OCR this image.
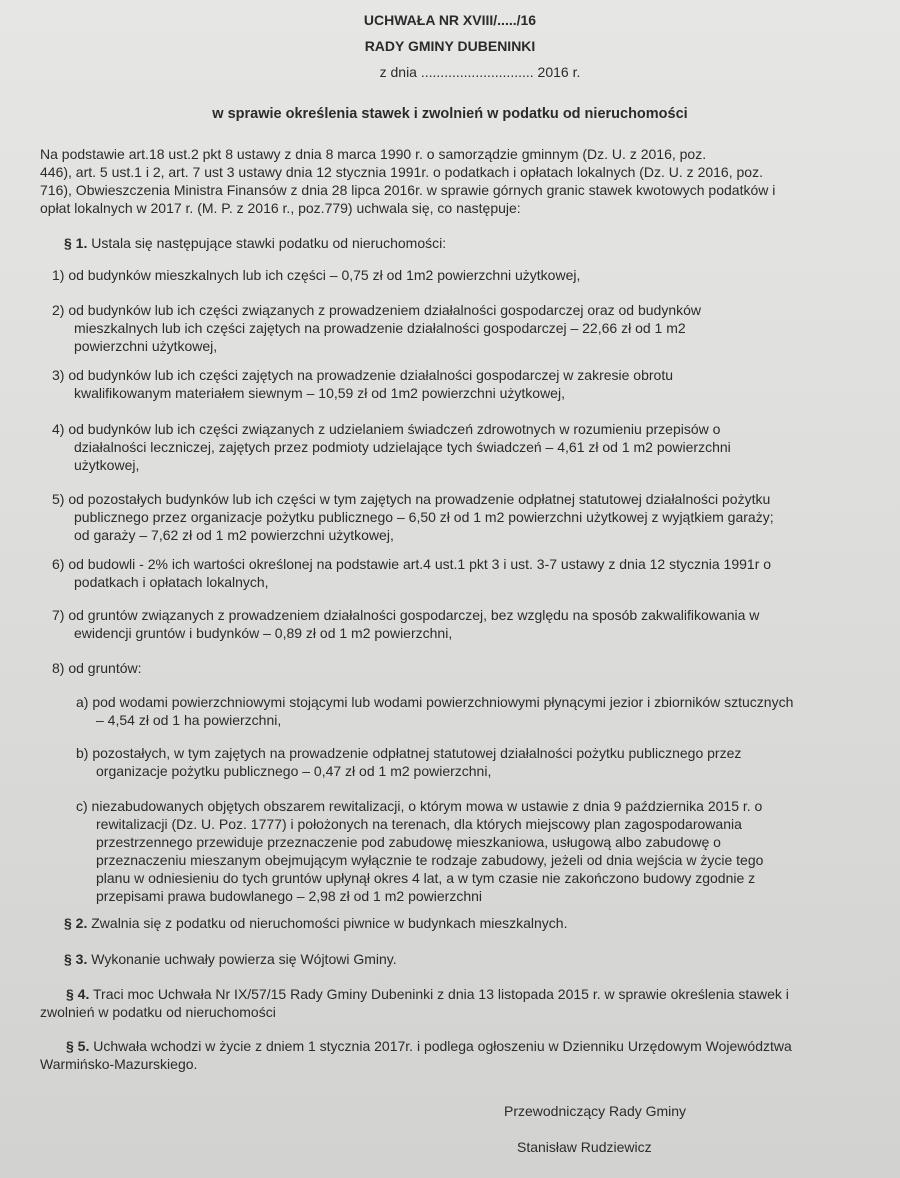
UCHWAŁA NR XVIII/...../16
RADY GMINY DUBENINKI
z dnia ............................. 2016 r.
w sprawie określenia stawek i zwolnień w podatku od nieruchomości
Na podstawie art.18 ust.2 pkt 8 ustawy z dnia 8 marca 1990 r. o samorządzie gminnym (Dz. U. z 2016, poz.
446), art. 5 ust.1 i 2, art. 7 ust 3 ustawy dnia 12 stycznia 1991r. o podatkach i opłatach lokalnych (Dz. U. z 2016, poz.
716), Obwieszczenia Ministra Finansów z dnia 28 lipca 2016r. w sprawie górnych granic stawek kwotowych podatków i
opłat lokalnych w 2017 r. (M. P. z 2016 r., poz.779) uchwala się, co następuje:
§ 1. Ustala się następujące stawki podatku od nieruchomości:
1) od budynków mieszkalnych lub ich części – 0,75 zł od 1m2 powierzchni użytkowej,
2) od budynków lub ich części związanych z prowadzeniem działalności gospodarczej oraz od budynków
mieszkalnych lub ich części zajętych na prowadzenie działalności gospodarczej – 22,66 zł od 1 m2
powierzchni użytkowej,
3) od budynków lub ich części zajętych na prowadzenie działalności gospodarczej w zakresie obrotu
kwalifikowanym materiałem siewnym – 10,59 zł od 1m2 powierzchni użytkowej,
4) od budynków lub ich części związanych z udzielaniem świadczeń zdrowotnych w rozumieniu przepisów o
działalności leczniczej, zajętych przez podmioty udzielające tych świadczeń – 4,61 zł od 1 m2 powierzchni
użytkowej,
5) od pozostałych budynków lub ich części w tym zajętych na prowadzenie odpłatnej statutowej działalności pożytku
publicznego przez organizacje pożytku publicznego – 6,50 zł od 1 m2 powierzchni użytkowej z wyjątkiem garaży;
od garaży – 7,62 zł od 1 m2 powierzchni użytkowej,
6) od budowli - 2% ich wartości określonej na podstawie art.4 ust.1 pkt 3 i ust. 3-7 ustawy z dnia 12 stycznia 1991r o
podatkach i opłatach lokalnych,
7) od gruntów związanych z prowadzeniem działalności gospodarczej, bez względu na sposób zakwalifikowania w
ewidencji gruntów i budynków – 0,89 zł od 1 m2 powierzchni,
8) od gruntów:
a) pod wodami powierzchniowymi stojącymi lub wodami powierzchniowymi płynącymi jezior i zbiorników sztucznych
– 4,54 zł od 1 ha powierzchni,
b) pozostałych, w tym zajętych na prowadzenie odpłatnej statutowej działalności pożytku publicznego przez
organizacje pożytku publicznego – 0,47 zł od 1 m2 powierzchni,
c) niezabudowanych objętych obszarem rewitalizacji, o którym mowa w ustawie z dnia 9 października 2015 r. o
rewitalizacji (Dz. U. Poz. 1777) i położonych na terenach, dla których miejscowy plan zagospodarowania
przestrzennego przewiduje przeznaczenie pod zabudowę mieszkaniowa, usługową albo zabudowę o
przeznaczeniu mieszanym obejmującym wyłącznie te rodzaje zabudowy, jeżeli od dnia wejścia w życie tego
planu w odniesieniu do tych gruntów upłynął okres 4 lat, a w tym czasie nie zakończono budowy zgodnie z
przepisami prawa budowlanego – 2,98 zł od 1 m2 powierzchni
§ 2. Zwalnia się z podatku od nieruchomości piwnice w budynkach mieszkalnych.
§ 3. Wykonanie uchwały powierza się Wójtowi Gminy.
§ 4. Traci moc Uchwała Nr IX/57/15 Rady Gminy Dubeninki z dnia 13 listopada 2015 r. w sprawie określenia stawek i
zwolnień w podatku od nieruchomości
§ 5. Uchwała wchodzi w życie z dniem 1 stycznia 2017r. i podlega ogłoszeniu w Dzienniku Urzędowym Województwa
Warmińsko-Mazurskiego.
Przewodniczący Rady Gminy
Stanisław Rudziewicz
